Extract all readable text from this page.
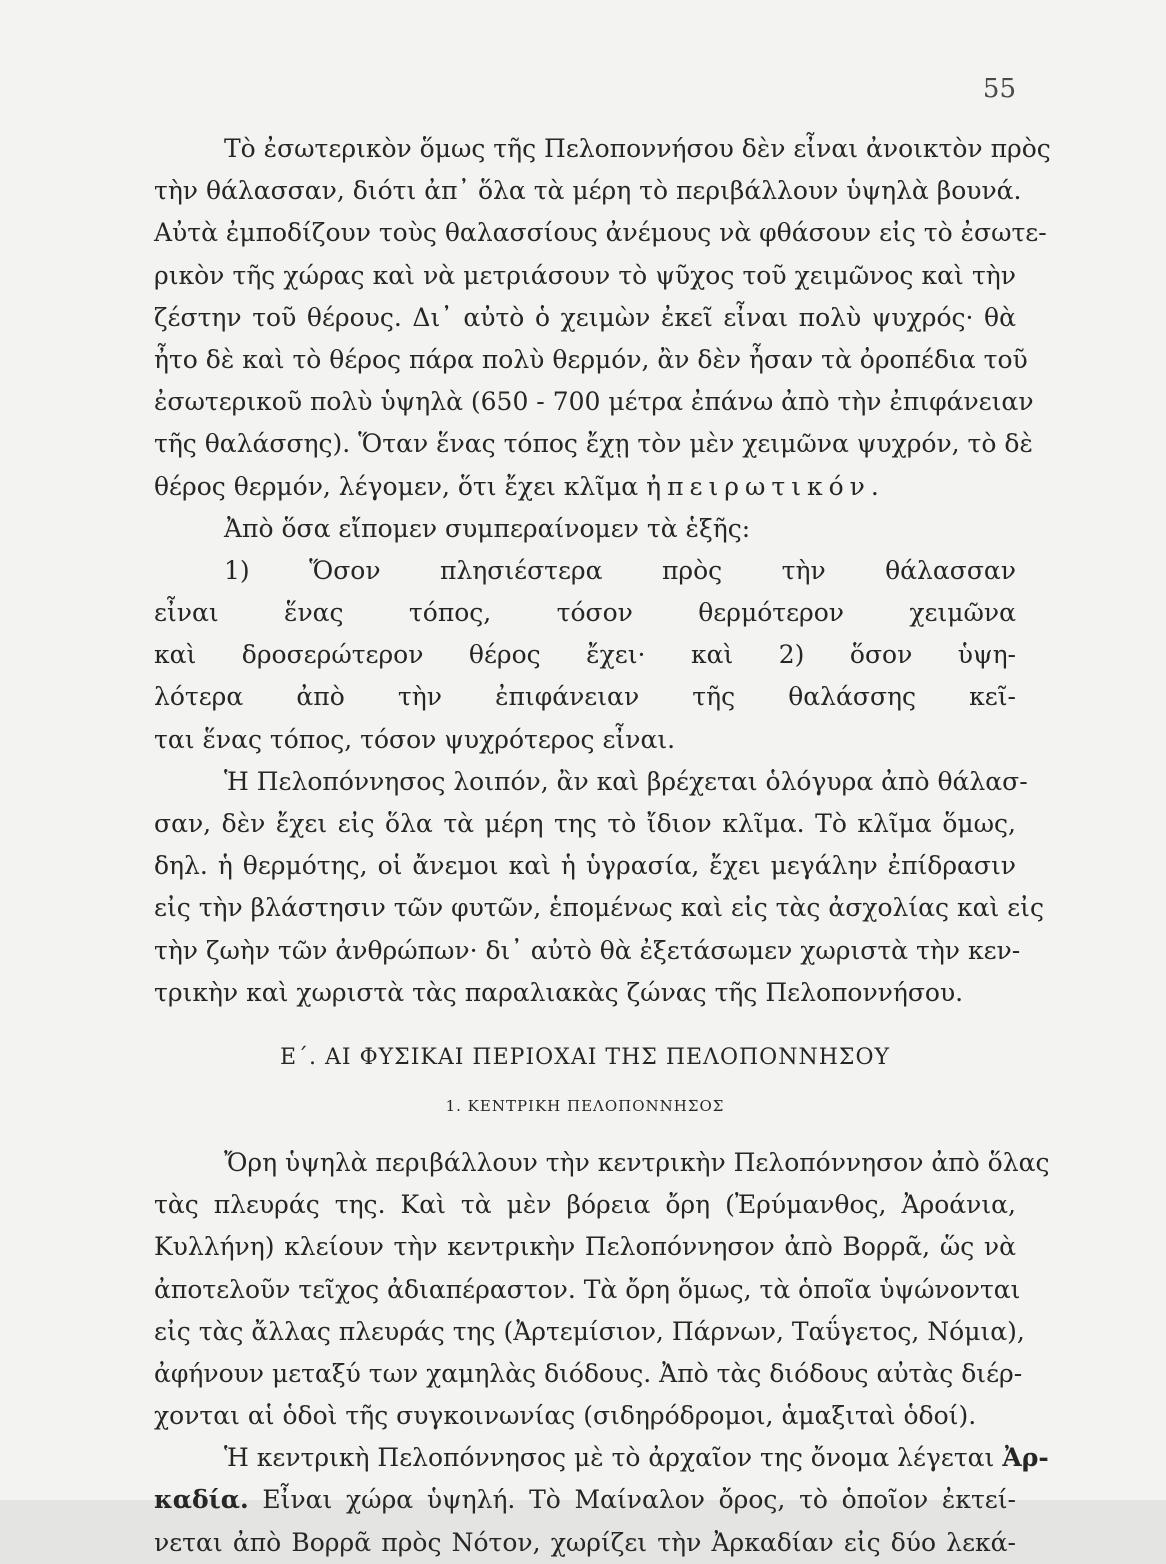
55
Τὸ ἐσωτερικὸν ὅμως τῆς Πελοποννήσου δὲν εἶναι ἀνοικτὸν πρὸς
τὴν θάλασσαν, διότι ἀπ᾽ ὅλα τὰ μέρη τὸ περιβάλλουν ὑψηλὰ βουνά.
Αὐτὰ ἐμποδίζουν τοὺς θαλασσίους ἀνέμους νὰ φθάσουν εἰς τὸ ἐσωτε-
ρικὸν τῆς χώρας καὶ νὰ μετριάσουν τὸ ψῦχος τοῦ χειμῶνος καὶ τὴν
ζέστην τοῦ θέρους. Δι᾽ αὐτὸ ὁ χειμὼν ἐκεῖ εἶναι πολὺ ψυχρός· θὰ
ἦτο δὲ καὶ τὸ θέρος πάρα πολὺ θερμόν, ἂν δὲν ἦσαν τὰ ὀροπέδια τοῦ
ἐσωτερικοῦ πολὺ ὑψηλὰ (650 - 700 μέτρα ἐπάνω ἀπὸ τὴν ἐπιφάνειαν
τῆς θαλάσσης). Ὅταν ἕνας τόπος ἔχῃ τὸν μὲν χειμῶνα ψυχρόν, τὸ δὲ
θέρος θερμόν, λέγομεν, ὅτι ἔχει κλῖμα ἠπειρωτικόν.
Ἀπὸ ὅσα εἴπομεν συμπεραίνομεν τὰ ἑξῆς:
1) Ὅσον πλησιέστερα πρὸς τὴν θάλασσαν
εἶναι ἕνας τόπος, τόσον θερμότερον χειμῶνα
καὶ δροσερώτερον θέρος ἔχει· καὶ 2) ὅσον ὑψη-
λότερα ἀπὸ τὴν ἐπιφάνειαν τῆς θαλάσσης κεῖ-
ται ἕνας τόπος, τόσον ψυχρότερος εἶναι.
Ἡ Πελοπόννησος λοιπόν, ἂν καὶ βρέχεται ὁλόγυρα ἀπὸ θάλασ-
σαν, δὲν ἔχει εἰς ὅλα τὰ μέρη της τὸ ἴδιον κλῖμα. Τὸ κλῖμα ὅμως,
δηλ. ἡ θερμότης, οἱ ἄνεμοι καὶ ἡ ὑγρασία, ἔχει μεγάλην ἐπίδρασιν
εἰς τὴν βλάστησιν τῶν φυτῶν, ἑπομένως καὶ εἰς τὰς ἀσχολίας καὶ εἰς
τὴν ζωὴν τῶν ἀνθρώπων· δι᾽ αὐτὸ θὰ ἐξετάσωμεν χωριστὰ τὴν κεν-
τρικὴν καὶ χωριστὰ τὰς παραλιακὰς ζώνας τῆς Πελοποννήσου.
Ε΄. ΑΙ ΦΥΣΙΚΑΙ ΠΕΡΙΟΧΑΙ ΤΗΣ ΠΕΛΟΠΟΝΝΗΣΟΥ
1. ΚΕΝΤΡΙΚΗ ΠΕΛΟΠΟΝΝΗΣΟΣ
Ὄρη ὑψηλὰ περιβάλλουν τὴν κεντρικὴν Πελοπόννησον ἀπὸ ὅλας
τὰς πλευράς της. Καὶ τὰ μὲν βόρεια ὄρη (Ἐρύμανθος, Ἀροάνια,
Κυλλήνη) κλείουν τὴν κεντρικὴν Πελοπόννησον ἀπὸ Βορρᾶ, ὥς νὰ
ἀποτελοῦν τεῖχος ἀδιαπέραστον. Τὰ ὄρη ὅμως, τὰ ὁποῖα ὑψώνονται
εἰς τὰς ἄλλας πλευράς της (Ἀρτεμίσιον, Πάρνων, Ταΰγετος, Νόμια),
ἀφήνουν μεταξύ των χαμηλὰς διόδους. Ἀπὸ τὰς διόδους αὐτὰς διέρ-
χονται αἱ ὁδοὶ τῆς συγκοινωνίας (σιδηρόδρομοι, ἁμαξιταὶ ὁδοί).
Ἡ κεντρικὴ Πελοπόννησος μὲ τὸ ἀρχαῖον της ὄνομα λέγεται Ἀρ-
καδία. Εἶναι χώρα ὑψηλή. Τὸ Μαίναλον ὄρος, τὸ ὁποῖον ἐκτεί-
νεται ἀπὸ Βορρᾶ πρὸς Νότον, χωρίζει τὴν Ἀρκαδίαν εἰς δύο λεκά-
